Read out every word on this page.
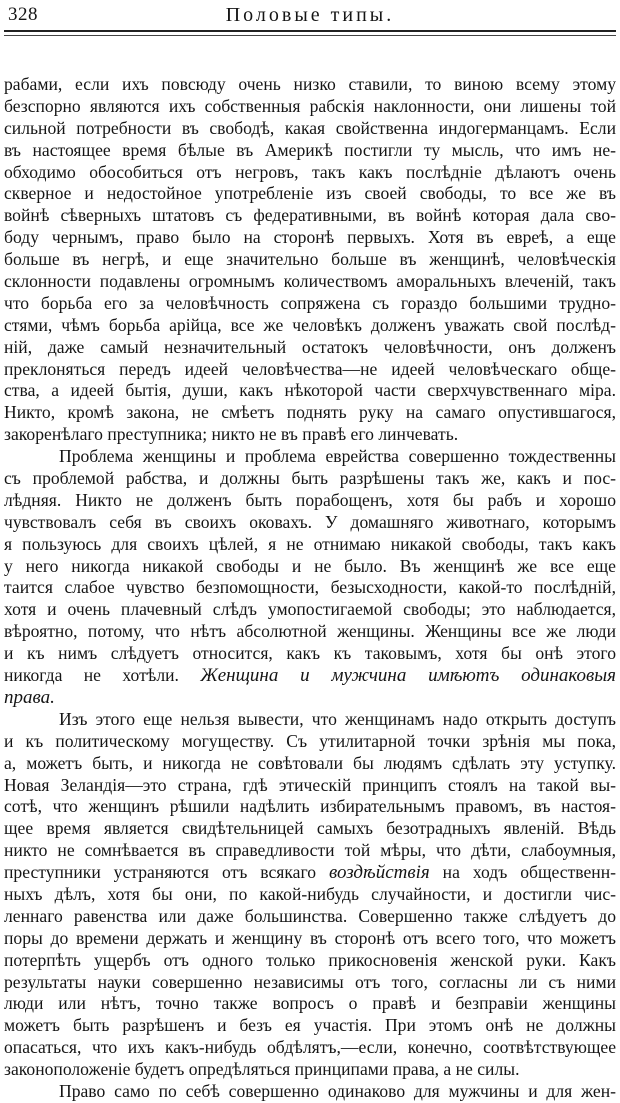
328	Половые типы.
рабами, если ихъ повсюду очень низко ставили, то виною всему этому
безспорно являются ихъ собственныя рабскія наклонности, они лишены той
сильной потребности въ свободѣ, какая свойственна индогерманцамъ. Если
въ настоящее время бѣлые въ Америкѣ постигли ту мысль, что имъ не-
обходимо обособиться отъ негровъ, такъ какъ послѣдніе дѣлаютъ очень
скверное и недостойное употребленіе изъ своей свободы, то все же въ
войнѣ сѣверныхъ штатовъ съ федеративными, въ войнѣ которая дала сво-
боду чернымъ, право было на сторонѣ первыхъ. Хотя въ евреѣ, а еще
больше въ негрѣ, и еще значительно больше въ женщинѣ, человѣческія
склонности подавлены огромнымъ количествомъ аморальныхъ влеченій, такъ
что борьба его за человѣчность сопряжена съ гораздо большими трудно-
стями, чѣмъ борьба арійца, все же человѣкъ долженъ уважать свой послѣд-
ній, даже самый незначительный остатокъ человѣчности, онъ долженъ
преклоняться передъ идеей человѣчества—не идеей человѣческаго обще-
ства, а идеей бытія, души, какъ нѣкоторой части сверхчувственнаго міра.
Никто, кромѣ закона, не смѣетъ поднять руку на самаго опустившагося,
закоренѣлаго преступника; никто не въ правѣ его линчевать.
Проблема женщины и проблема еврейства совершенно тождественны
съ проблемой рабства, и должны быть разрѣшены такъ же, какъ и пос-
лѣдняя. Никто не долженъ быть порабощенъ, хотя бы рабъ и хорошо
чувствовалъ себя въ своихъ оковахъ. У домашняго животнаго, которымъ
я пользуюсь для своихъ цѣлей, я не отнимаю никакой свободы, такъ какъ
у него никогда никакой свободы и не было. Въ женщинѣ же все еще
таится слабое чувство безпомощности, безысходности, какой-то послѣдній,
хотя и очень плачевный слѣдъ умопостигаемой свободы; это наблюдается,
вѣроятно, потому, что нѣтъ абсолютной женщины. Женщины все же люди
и къ нимъ слѣдуетъ относится, какъ къ таковымъ, хотя бы онѣ этого
никогда не хотѣли. Женщина и мужчина имѣютъ одинаковыя
права.
Изъ этого еще нельзя вывести, что женщинамъ надо открыть доступъ
и къ политическому могуществу. Съ утилитарной точки зрѣнія мы пока,
а, можетъ быть, и никогда не совѣтовали бы людямъ сдѣлать эту уступку.
Новая Зеландія—это страна, гдѣ этическій принципъ стоялъ на такой вы-
сотѣ, что женщинъ рѣшили надѣлить избирательнымъ правомъ, въ настоя-
щее время является свидѣтельницей самыхъ безотрадныхъ явленій. Вѣдь
никто не сомнѣвается въ справедливости той мѣры, что дѣти, слабоумныя,
преступники устраняются отъ всякаго воздѣйствія на ходъ общественн-
ныхъ дѣлъ, хотя бы они, по какой-нибудь случайности, и достигли чис-
леннаго равенства или даже большинства. Совершенно также слѣдуетъ до
поры до времени держать и женщину въ сторонѣ отъ всего того, что можетъ
потерпѣть ущербъ отъ одного только прикосновенія женской руки. Какъ
результаты науки совершенно независимы отъ того, согласны ли съ ними
люди или нѣтъ, точно также вопросъ о правѣ и безправіи женщины
можетъ быть разрѣшенъ и безъ ея участія. При этомъ онѣ не должны
опасаться, что ихъ какъ-нибудь обдѣлятъ,—если, конечно, соотвѣтствующее
законоположеніе будетъ опредѣляться принципами права, а не силы.
Право само по себѣ совершенно одинаково для мужчины и для жен-
